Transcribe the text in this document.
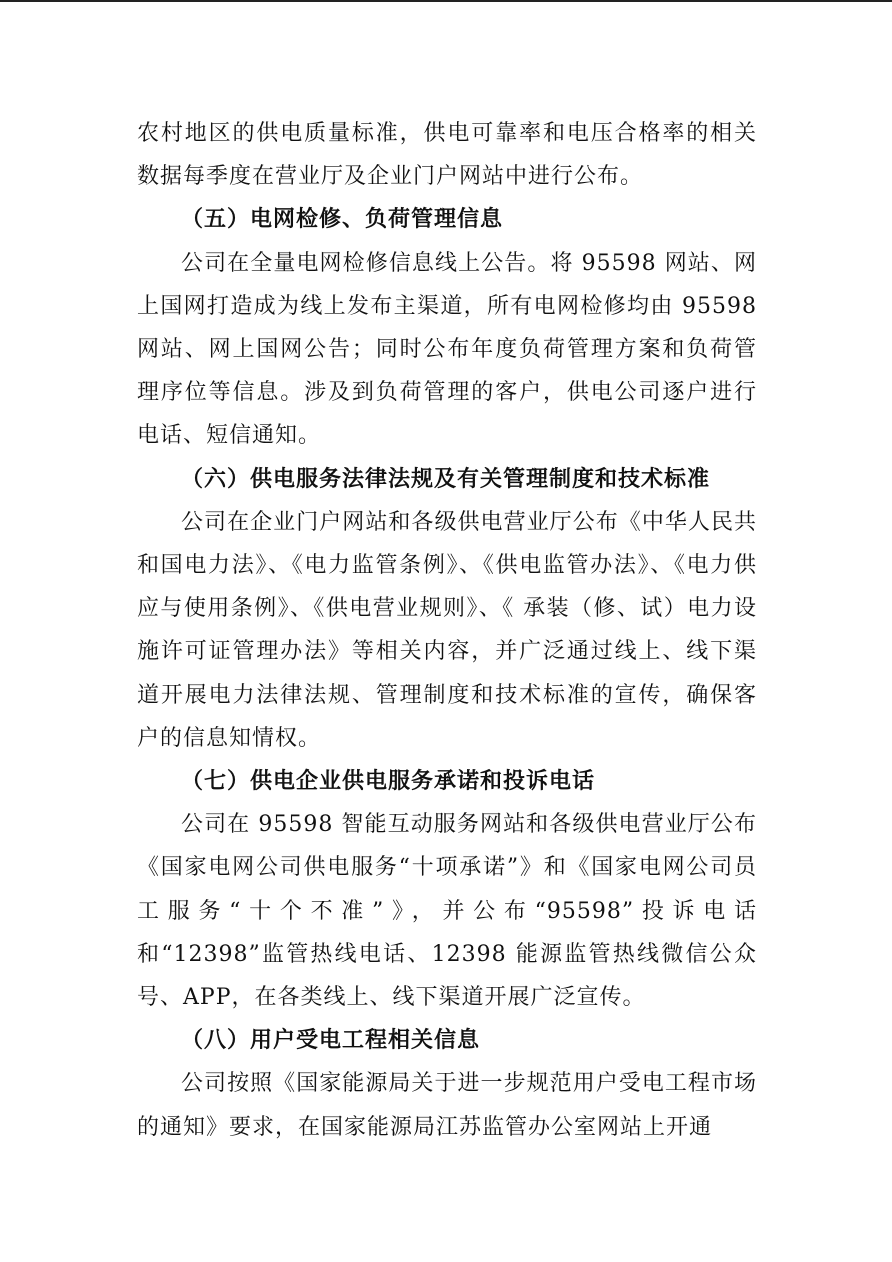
农村地区的供电质量标准，供电可靠率和电压合格率的相关数据每季度在营业厅及企业门户网站中进行公布。

（五）电网检修、负荷管理信息

公司在全量电网检修信息线上公告。将 95598 网站、网上国网打造成为线上发布主渠道，所有电网检修均由 95598 网站、网上国网公告；同时公布年度负荷管理方案和负荷管理序位等信息。涉及到负荷管理的客户，供电公司逐户进行电话、短信通知。

（六）供电服务法律法规及有关管理制度和技术标准

公司在企业门户网站和各级供电营业厅公布《中华人民共和国电力法》、《电力监管条例》、《供电监管办法》、《电力供应与使用条例》、《供电营业规则》、《 承装（修、试）电力设施许可证管理办法》等相关内容，并广泛通过线上、线下渠道开展电力法律法规、管理制度和技术标准的宣传，确保客户的信息知情权。

（七）供电企业供电服务承诺和投诉电话

公司在 95598 智能互动服务网站和各级供电营业厅公布《国家电网公司供电服务“十项承诺”》和《国家电网公司员工服务“十个不准”》，并公布“95598”投诉电话和“12398”监管热线电话、12398 能源监管热线微信公众号、APP，在各类线上、线下渠道开展广泛宣传。

（八）用户受电工程相关信息

公司按照《国家能源局关于进一步规范用户受电工程市场的通知》要求，在国家能源局江苏监管办公室网站上开通
